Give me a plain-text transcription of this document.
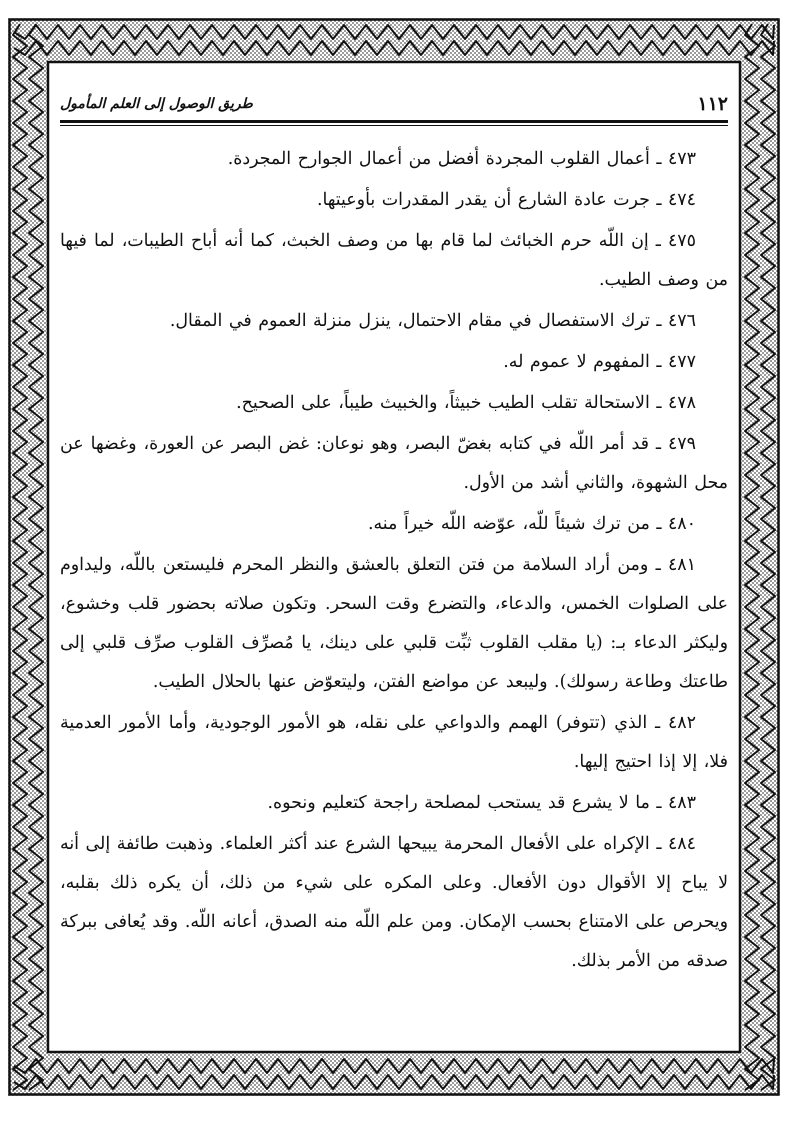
١١٢
طريق الوصول إلى العلم المأمول

٤٧٣ ـ أعمال القلوب المجردة أفضل من أعمال الجوارح المجردة.

٤٧٤ ـ جرت عادة الشارع أن يقدر المقدرات بأوعيتها.

٤٧٥ ـ إن اللّه حرم الخبائث لما قام بها من وصف الخبث، كما أنه أباح الطيبات، لما فيها من وصف الطيب.

٤٧٦ ـ ترك الاستفصال في مقام الاحتمال، ينزل منزلة العموم في المقال.

٤٧٧ ـ المفهوم لا عموم له.

٤٧٨ ـ الاستحالة تقلب الطيب خبيثاً، والخبيث طيباً، على الصحيح.

٤٧٩ ـ قد أمر اللّه في كتابه بغضّ البصر، وهو نوعان: غض البصر عن العورة، وغضها عن محل الشهوة، والثاني أشد من الأول.

٤٨٠ ـ من ترك شيئاً للّه، عوّضه اللّه خيراً منه.

٤٨١ ـ ومن أراد السلامة من فتن التعلق بالعشق والنظر المحرم فليستعن باللّه، وليداوم على الصلوات الخمس، والدعاء، والتضرع وقت السحر. وتكون صلاته بحضور قلب وخشوع، وليكثر الدعاء بـ: (يا مقلب القلوب ثبِّت قلبي على دينك، يا مُصرِّف القلوب صرِّف قلبي إلى طاعتك وطاعة رسولك). وليبعد عن مواضع الفتن، وليتعوّض عنها بالحلال الطيب.

٤٨٢ ـ الذي (تتوفر) الهمم والدواعي على نقله، هو الأمور الوجودية، وأما الأمور العدمية فلا، إلا إذا احتيج إليها.

٤٨٣ ـ ما لا يشرع قد يستحب لمصلحة راجحة كتعليم ونحوه.

٤٨٤ ـ الإكراه على الأفعال المحرمة يبيحها الشرع عند أكثر العلماء. وذهبت طائفة إلى أنه لا يباح إلا الأقوال دون الأفعال. وعلى المكره على شيء من ذلك، أن يكره ذلك بقلبه، ويحرص على الامتناع بحسب الإمكان. ومن علم اللّه منه الصدق، أعانه اللّه. وقد يُعافى ببركة صدقه من الأمر بذلك.
